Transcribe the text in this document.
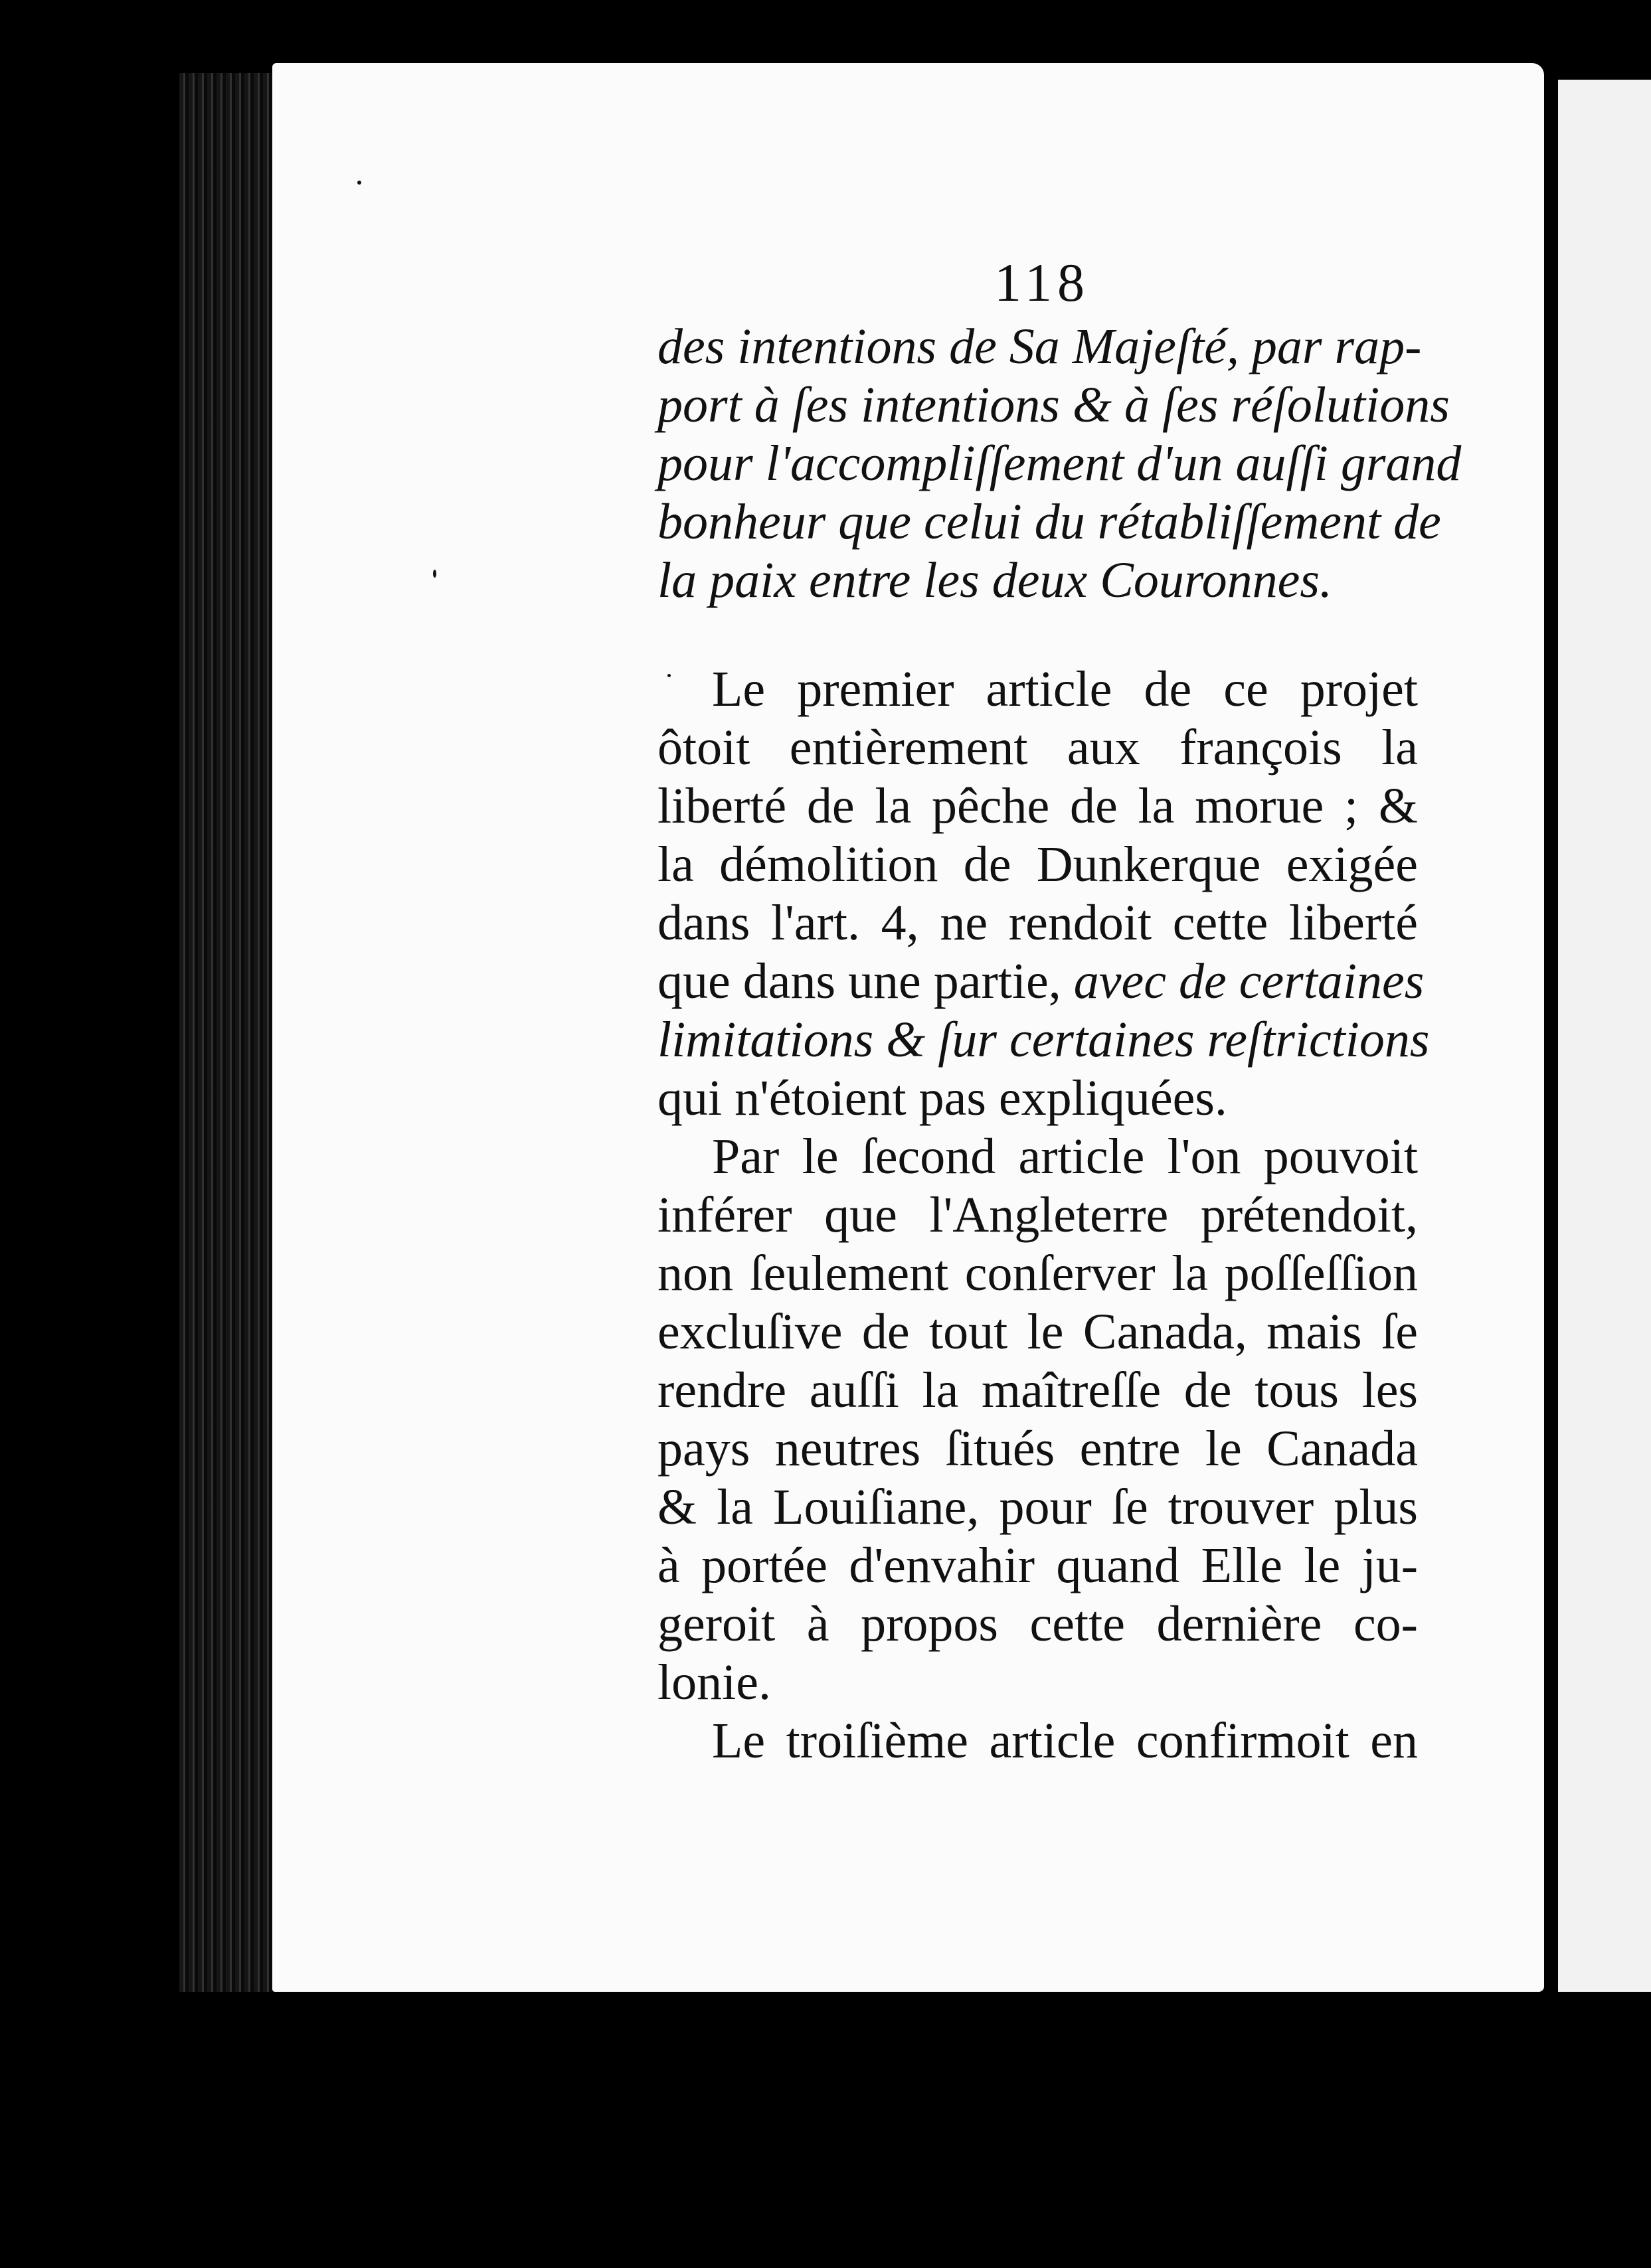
118
des intentions de Sa Majeſté, par rap-
port à ſes intentions & à ſes réſolutions
pour l'accompliſſement d'un auſſi grand
bonheur que celui du rétabliſſement de
la paix entre les deux Couronnes.
Le premier article de ce projet
ôtoit entièrement aux françois la
liberté de la pêche de la morue ; &
la démolition de Dunkerque exigée
dans l'art. 4, ne rendoit cette liberté
que dans une partie, avec de certaines
limitations & ſur certaines reſtrictions
qui n'étoient pas expliquées.
Par le ſecond article l'on pouvoit
inférer que l'Angleterre prétendoit,
non ſeulement conſerver la poſſeſſion
excluſive de tout le Canada, mais ſe
rendre auſſi la maîtreſſe de tous les
pays neutres ſitués entre le Canada
& la Louiſiane, pour ſe trouver plus
à portée d'envahir quand Elle le ju-
geroit à propos cette dernière co-
lonie.
Le troiſième article confirmoit en
